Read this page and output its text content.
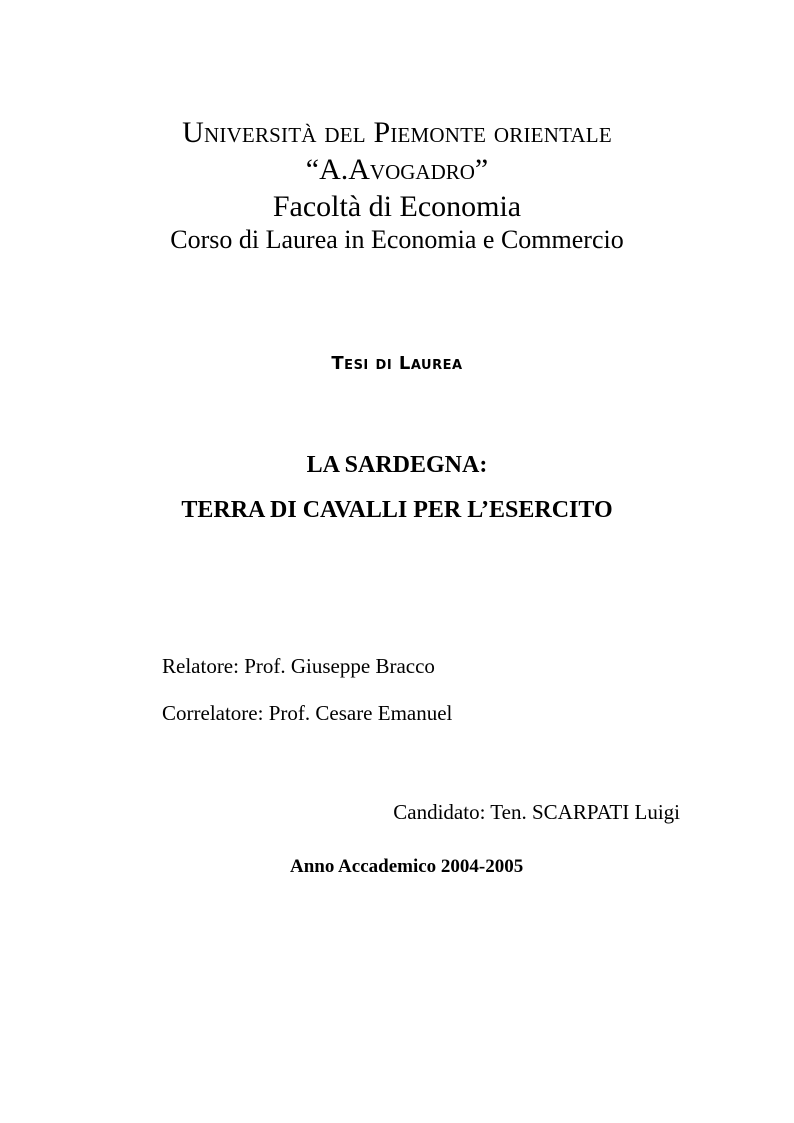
Università del Piemonte orientale
“A.Avogadro”
Facoltà di Economia
Corso di Laurea in Economia e Commercio
Tesi di Laurea
LA SARDEGNA:
TERRA DI CAVALLI PER L’ESERCITO
Relatore: Prof. Giuseppe Bracco
Correlatore: Prof. Cesare Emanuel
Candidato: Ten. SCARPATI Luigi
Anno Accademico 2004-2005
